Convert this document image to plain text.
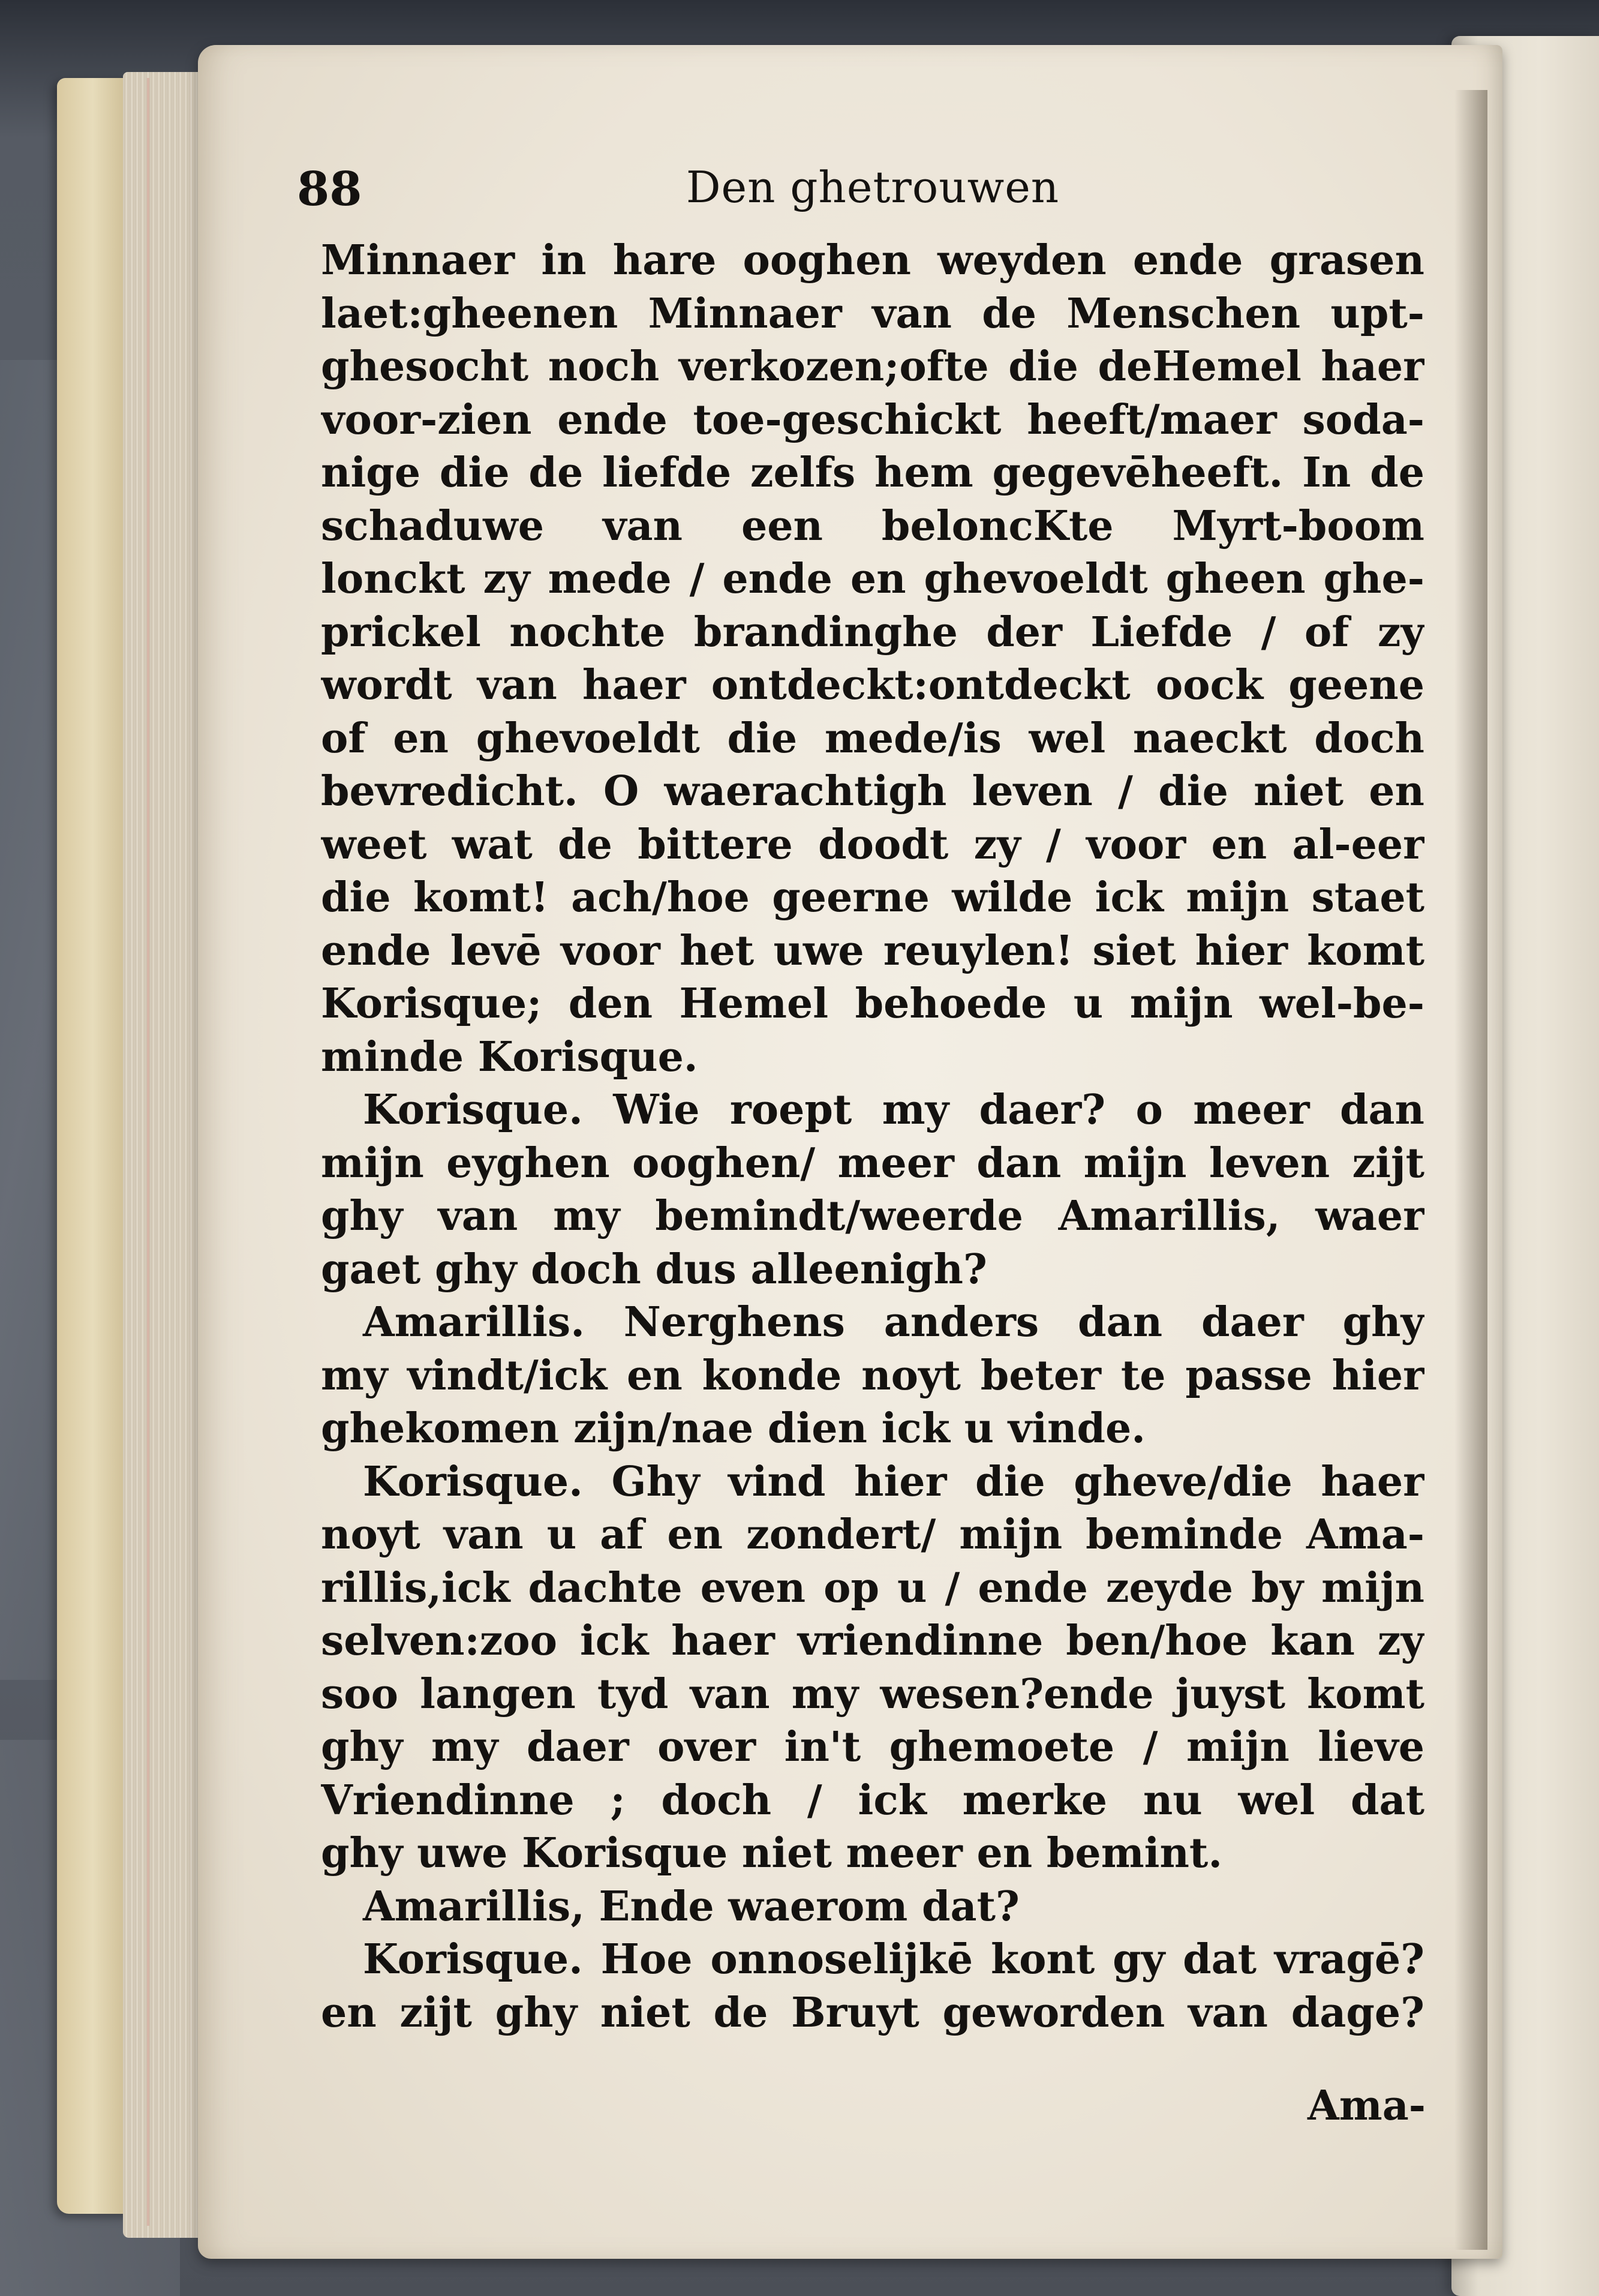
88	Den ghetrouwen
Minnaer in hare ooghen weyden ende grasen
laet:gheenen Minnaer van de Menschen upt-
ghesocht noch verkozen;ofte die deHemel haer
voor-zien ende toe-geschickt heeft/maer soda-
nige die de liefde zelfs hem gegevēheeft. In de
schaduwe van een beloncKte Myrt-boom
lonckt zy mede / ende en ghevoeldt gheen ghe-
prickel nochte brandinghe der Liefde / of zy
wordt van haer ontdeckt:ontdeckt oock geene
of en ghevoeldt die mede/is wel naeckt doch
bevredicht. O waerachtigh leven / die niet en
weet wat de bittere doodt zy / voor en al-eer
die komt! ach/hoe geerne wilde ick mijn staet
ende levē voor het uwe reuylen! siet hier komt
Korisque; den Hemel behoede u mijn wel-be-
minde Korisque.
Korisque. Wie roept my daer? o meer dan
mijn eyghen ooghen/ meer dan mijn leven zijt
ghy van my bemindt/weerde Amarillis, waer
gaet ghy doch dus alleenigh?
Amarillis. Nerghens anders dan daer ghy
my vindt/ick en konde noyt beter te passe hier
ghekomen zijn/nae dien ick u vinde.
Korisque. Ghy vind hier die gheve/die haer
noyt van u af en zondert/ mijn beminde Ama-
rillis,ick dachte even op u / ende zeyde by mijn
selven:zoo ick haer vriendinne ben/hoe kan zy
soo langen tyd van my wesen?ende juyst komt
ghy my daer over in't ghemoete / mijn lieve
Vriendinne ; doch / ick merke nu wel dat
ghy uwe Korisque niet meer en bemint.
Amarillis, Ende waerom dat?
Korisque. Hoe onnoselijkē kont gy dat vragē?
en zijt ghy niet de Bruyt geworden van dage?
Ama-
